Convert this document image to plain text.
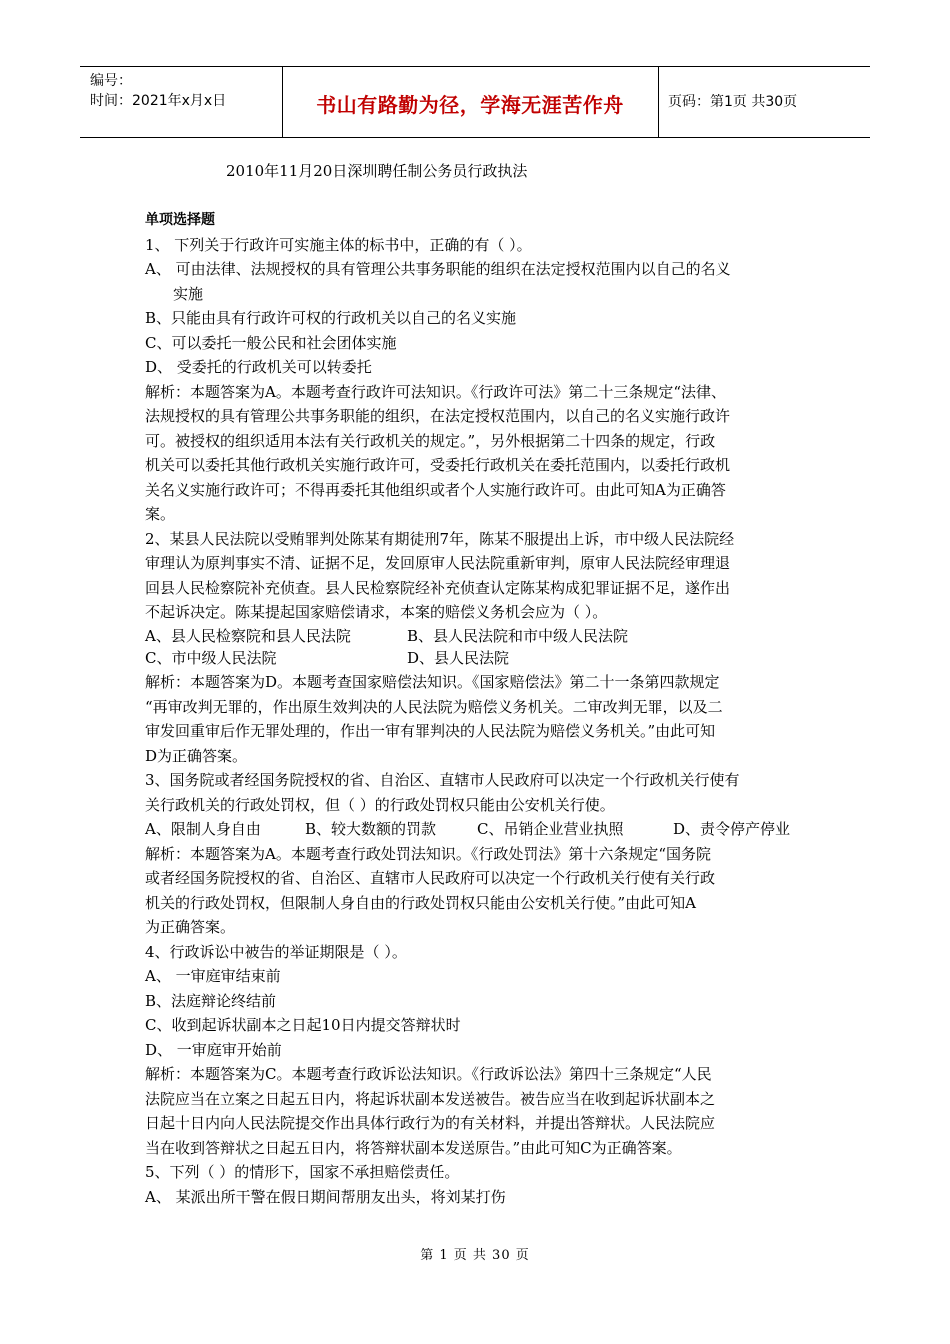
编号：
时间：2021年x月x日	书山有路勤为径，学海无涯苦作舟	页码：第1页 共30页
2010年11月20日深圳聘任制公务员行政执法

单项选择题

1、 下列关于行政许可实施主体的标书中，正确的有（ ）。

A、 可由法律、法规授权的具有管理公共事务职能的组织在法定授权范围内以自己的名义

实施

B、只能由具有行政许可权的行政机关以自己的名义实施

C、可以委托一般公民和社会团体实施

D、 受委托的行政机关可以转委托

解析：本题答案为A。本题考查行政许可法知识。《行政许可法》第二十三条规定“法律、

法规授权的具有管理公共事务职能的组织，在法定授权范围内，以自己的名义实施行政许

可。被授权的组织适用本法有关行政机关的规定。”，另外根据第二十四条的规定，行政

机关可以委托其他行政机关实施行政许可，受委托行政机关在委托范围内，以委托行政机

关名义实施行政许可；不得再委托其他组织或者个人实施行政许可。由此可知A为正确答

案。

2、某县人民法院以受贿罪判处陈某有期徒刑7年，陈某不服提出上诉，市中级人民法院经

审理认为原判事实不清、证据不足，发回原审人民法院重新审判，原审人民法院经审理退

回县人民检察院补充侦查。县人民检察院经补充侦查认定陈某构成犯罪证据不足，遂作出

不起诉决定。陈某提起国家赔偿请求，本案的赔偿义务机会应为（ ）。

A、县人民检察院和县人民法院	B、县人民法院和市中级人民法院
C、市中级人民法院	D、县人民法院

解析：本题答案为D。本题考查国家赔偿法知识。《国家赔偿法》第二十一条第四款规定

“再审改判无罪的，作出原生效判决的人民法院为赔偿义务机关。二审改判无罪，以及二

审发回重审后作无罪处理的，作出一审有罪判决的人民法院为赔偿义务机关。”由此可知

D为正确答案。

3、国务院或者经国务院授权的省、自治区、直辖市人民政府可以决定一个行政机关行使有

关行政机关的行政处罚权，但（ ）的行政处罚权只能由公安机关行使。

A、限制人身自由	B、较大数额的罚款	C、吊销企业营业执照	D、责令停产停业

解析：本题答案为A。本题考查行政处罚法知识。《行政处罚法》第十六条规定“国务院

或者经国务院授权的省、自治区、直辖市人民政府可以决定一个行政机关行使有关行政

机关的行政处罚权，但限制人身自由的行政处罚权只能由公安机关行使。”由此可知A

为正确答案。

4、行政诉讼中被告的举证期限是（ ）。

A、 一审庭审结束前

B、法庭辩论终结前

C、收到起诉状副本之日起10日内提交答辩状时

D、 一审庭审开始前

解析：本题答案为C。本题考查行政诉讼法知识。《行政诉讼法》第四十三条规定“人民

法院应当在立案之日起五日内，将起诉状副本发送被告。被告应当在收到起诉状副本之

日起十日内向人民法院提交作出具体行政行为的有关材料，并提出答辩状。人民法院应

当在收到答辩状之日起五日内，将答辩状副本发送原告。”由此可知C为正确答案。

5、下列（ ）的情形下，国家不承担赔偿责任。

A、 某派出所干警在假日期间帮朋友出头，将刘某打伤

第 1 页 共 30 页
